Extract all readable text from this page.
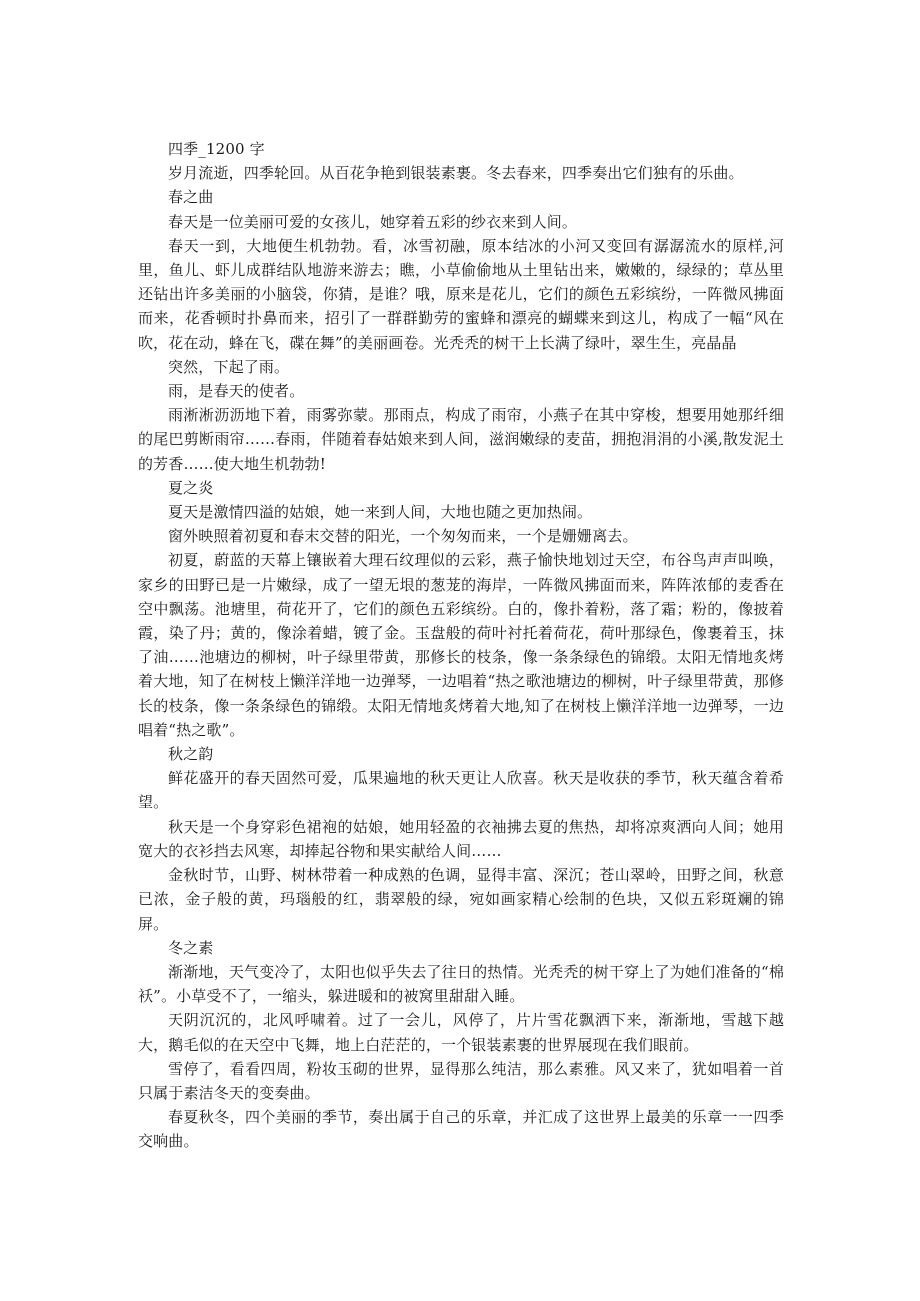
四季_1200 字

岁月流逝，四季轮回。从百花争艳到银装素裹。冬去春来，四季奏出它们独有的乐曲。

春之曲

春天是一位美丽可爱的女孩儿，她穿着五彩的纱衣来到人间。

春天一到，大地便生机勃勃。看，冰雪初融，原本结冰的小河又变回有潺潺流水的原样,河里，鱼儿、虾儿成群结队地游来游去；瞧，小草偷偷地从土里钻出来，嫩嫩的，绿绿的；草丛里还钻出许多美丽的小脑袋，你猜，是谁？哦，原来是花儿，它们的颜色五彩缤纷，一阵微风拂面而来，花香顿时扑鼻而来，招引了一群群勤劳的蜜蜂和漂亮的蝴蝶来到这儿，构成了一幅“风在吹，花在动，蜂在飞，碟在舞”的美丽画卷。光秃秃的树干上长满了绿叶，翠生生，亮晶晶

突然，下起了雨。

雨，是春天的使者。

雨淅淅沥沥地下着，雨雾弥蒙。那雨点，构成了雨帘，小燕子在其中穿梭，想要用她那纤细的尾巴剪断雨帘……春雨，伴随着春姑娘来到人间，滋润嫩绿的麦苗，拥抱涓涓的小溪,散发泥土的芳香……使大地生机勃勃!

夏之炎

夏天是激情四溢的姑娘，她一来到人间，大地也随之更加热闹。

窗外映照着初夏和春末交替的阳光，一个匆匆而来，一个是姗姗离去。

初夏，蔚蓝的天幕上镶嵌着大理石纹理似的云彩，燕子愉快地划过天空，布谷鸟声声叫唤，家乡的田野已是一片嫩绿，成了一望无垠的葱茏的海岸，一阵微风拂面而来，阵阵浓郁的麦香在空中飘荡。池塘里，荷花开了，它们的颜色五彩缤纷。白的，像扑着粉，落了霜；粉的，像披着霞，染了丹；黄的，像涂着蜡，镀了金。玉盘般的荷叶衬托着荷花，荷叶那绿色，像裹着玉，抹了油……池塘边的柳树，叶子绿里带黄，那修长的枝条，像一条条绿色的锦缎。太阳无情地炙烤着大地，知了在树枝上懒洋洋地一边弹琴，一边唱着“热之歌池塘边的柳树，叶子绿里带黄，那修长的枝条，像一条条绿色的锦缎。太阳无情地炙烤着大地,知了在树枝上懒洋洋地一边弹琴，一边唱着“热之歌”。

秋之韵

鲜花盛开的春天固然可爱，瓜果遍地的秋天更让人欣喜。秋天是收获的季节，秋天蕴含着希望。

秋天是一个身穿彩色裙袍的姑娘，她用轻盈的衣袖拂去夏的焦热，却将凉爽洒向人间；她用宽大的衣衫挡去风寒，却捧起谷物和果实献给人间……

金秋时节，山野、树林带着一种成熟的色调，显得丰富、深沉；苍山翠岭，田野之间，秋意已浓，金子般的黄，玛瑙般的红，翡翠般的绿，宛如画家精心绘制的色块，又似五彩斑斓的锦屏。

冬之素

渐渐地，天气变冷了，太阳也似乎失去了往日的热情。光秃秃的树干穿上了为她们准备的“棉袄”。小草受不了，一缩头，躲进暖和的被窝里甜甜入睡。

天阴沉沉的，北风呼啸着。过了一会儿，风停了，片片雪花飘洒下来，渐渐地，雪越下越大，鹅毛似的在天空中飞舞，地上白茫茫的，一个银装素裹的世界展现在我们眼前。

雪停了，看看四周，粉妆玉砌的世界，显得那么纯洁，那么素雅。风又来了，犹如唱着一首只属于素洁冬天的变奏曲。

春夏秋冬，四个美丽的季节，奏出属于自己的乐章，并汇成了这世界上最美的乐章一一四季交响曲。
